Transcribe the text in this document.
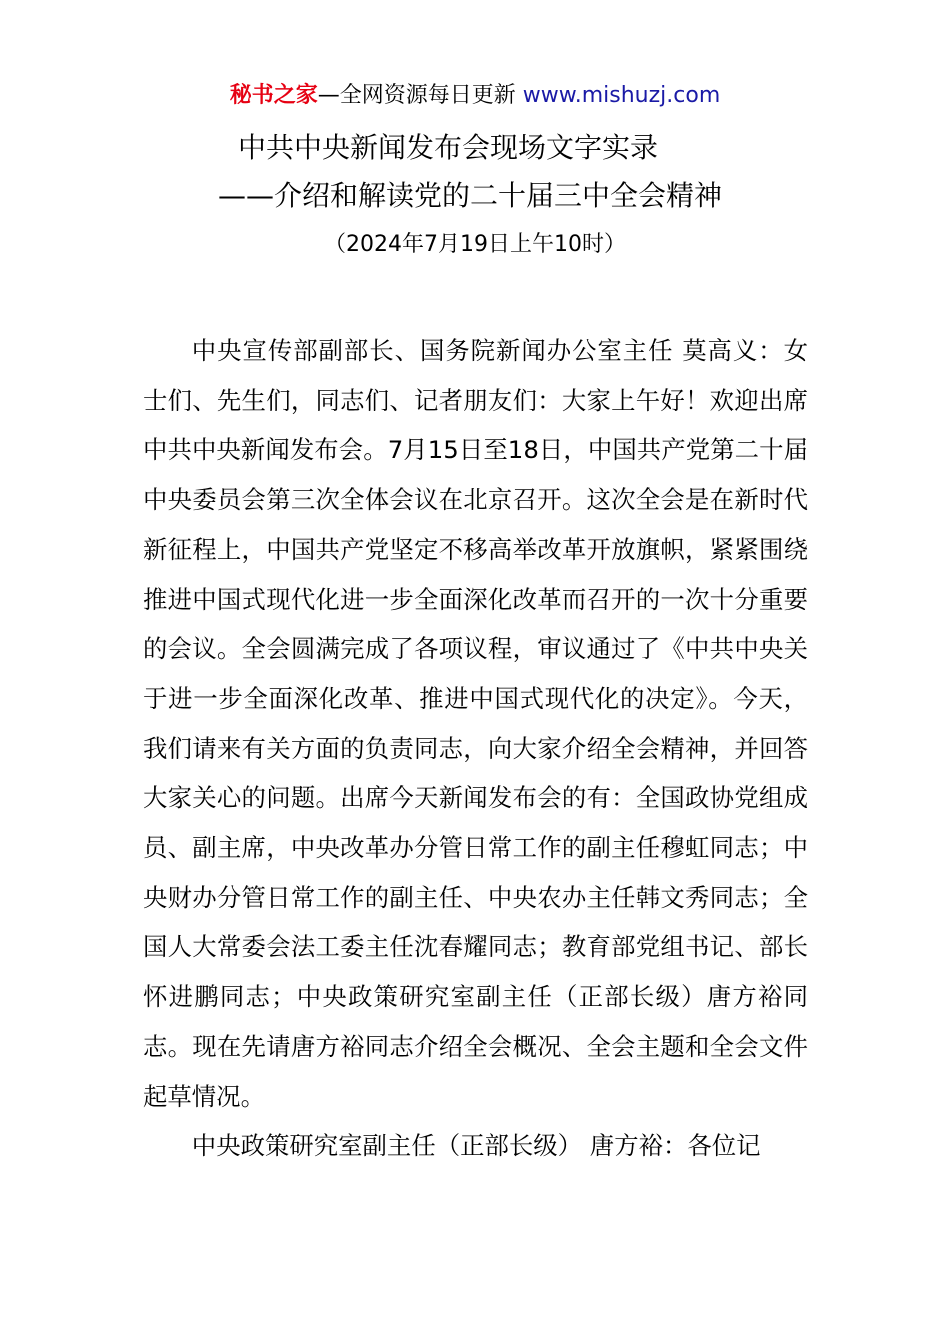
秘书之家—全网资源每日更新 www.mishuzj.com
中共中央新闻发布会现场文字实录
——介绍和解读党的二十届三中全会精神
（2024年7月19日上午10时）

中央宣传部副部长、国务院新闻办公室主任 莫高义：女士们、先生们，同志们、记者朋友们：大家上午好！欢迎出席中共中央新闻发布会。7月15日至18日，中国共产党第二十届中央委员会第三次全体会议在北京召开。这次全会是在新时代新征程上，中国共产党坚定不移高举改革开放旗帜，紧紧围绕推进中国式现代化进一步全面深化改革而召开的一次十分重要的会议。全会圆满完成了各项议程，审议通过了《中共中央关于进一步全面深化改革、推进中国式现代化的决定》。今天，我们请来有关方面的负责同志，向大家介绍全会精神，并回答大家关心的问题。出席今天新闻发布会的有：全国政协党组成员、副主席，中央改革办分管日常工作的副主任穆虹同志；中央财办分管日常工作的副主任、中央农办主任韩文秀同志；全国人大常委会法工委主任沈春耀同志；教育部党组书记、部长怀进鹏同志；中央政策研究室副主任（正部长级）唐方裕同志。现在先请唐方裕同志介绍全会概况、全会主题和全会文件起草情况。

中央政策研究室副主任（正部长级） 唐方裕：各位记
